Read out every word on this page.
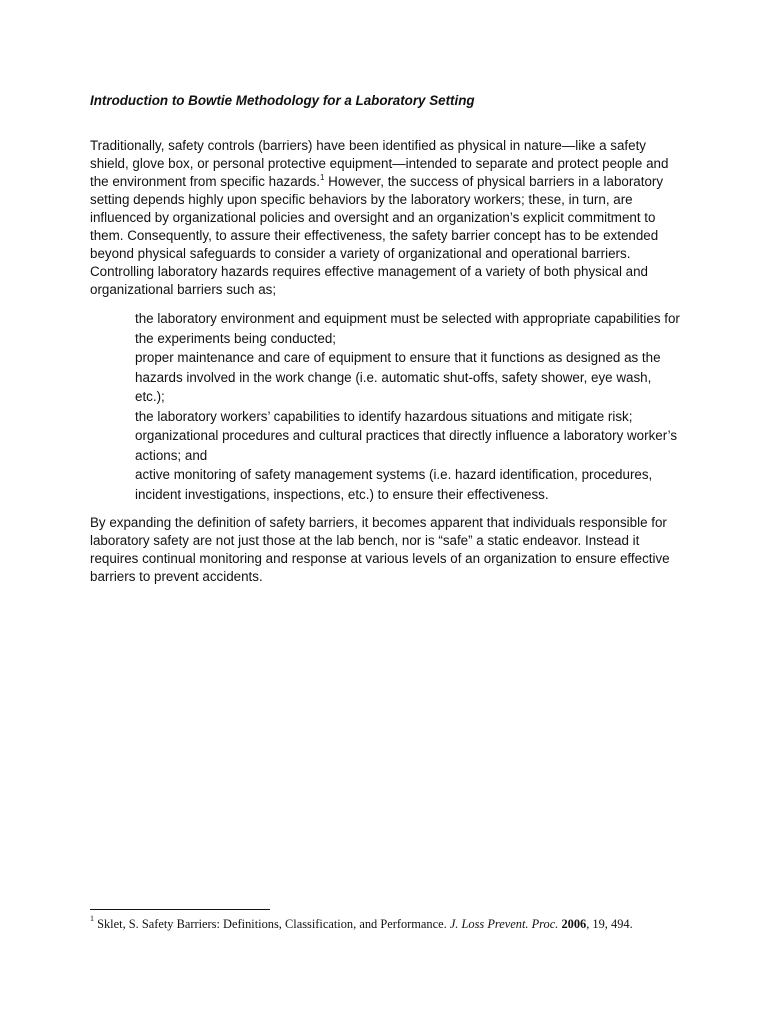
Introduction to Bowtie Methodology for a Laboratory Setting

Traditionally, safety controls (barriers) have been identified as physical in nature—like a safety shield, glove box, or personal protective equipment—intended to separate and protect people and the environment from specific hazards.$^1$ However, the success of physical barriers in a laboratory setting depends highly upon specific behaviors by the laboratory workers; these, in turn, are influenced by organizational policies and oversight and an organization’s explicit commitment to them. Consequently, to assure their effectiveness, the safety barrier concept has to be extended beyond physical safeguards to consider a variety of organizational and operational barriers. Controlling laboratory hazards requires effective management of a variety of both physical and organizational barriers such as;

the laboratory environment and equipment must be selected with appropriate capabilities for the experiments being conducted;
proper maintenance and care of equipment to ensure that it functions as designed as the hazards involved in the work change (i.e. automatic shut-offs, safety shower, eye wash, etc.);
the laboratory workers’ capabilities to identify hazardous situations and mitigate risk;
organizational procedures and cultural practices that directly influence a laboratory worker’s actions; and
active monitoring of safety management systems (i.e. hazard identification, procedures, incident investigations, inspections, etc.) to ensure their effectiveness.

By expanding the definition of safety barriers, it becomes apparent that individuals responsible for laboratory safety are not just those at the lab bench, nor is “safe” a static endeavor. Instead it requires continual monitoring and response at various levels of an organization to ensure effective barriers to prevent accidents.

$^1$ Sklet, S. Safety Barriers: Definitions, Classification, and Performance. J. Loss Prevent. Proc. 2006, 19, 494.
